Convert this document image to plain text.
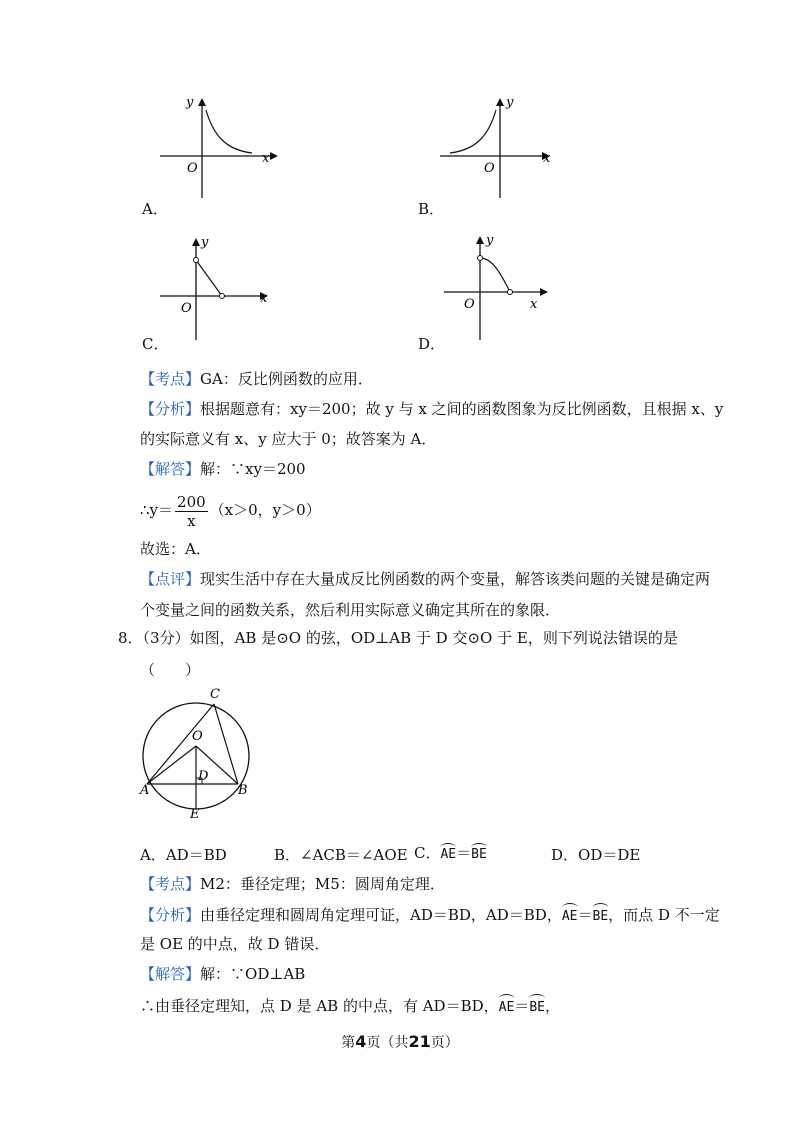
y
x
O
A．
y
x
O
B．
y
x
O
C．
y
x
O
D．
【考点】GA：反比例函数的应用．
【分析】根据题意有：xy＝200；故 y 与 x 之间的函数图象为反比例函数，且根据 x、y
的实际意义有 x、y 应大于 0；故答案为 A．
【解答】解：∵xy＝200
∴y＝ $\frac{200}{x} (x>0$，y＞0）
故选：A．
【点评】现实生活中存在大量成反比例函数的两个变量，解答该类问题的关键是确定两
个变量之间的函数关系，然后利用实际意义确定其所在的象限．
8．（3分）如图，AB 是⊙O 的弦，OD⊥AB 于 D 交⊙O 于 E，则下列说法错误的是
（　　）
C
O
D
A	B
E
A．AD＝BD	B．∠ACB＝∠AOE C．AE＝BE	D．OD＝DE
【考点】M2：垂径定理；M5：圆周角定理．
【分析】由垂径定理和圆周角定理可证，AD＝BD，AD＝BD，AE＝BE，而点 D 不一定
是 OE 的中点，故 D 错误．
【解答】解：∵OD⊥AB
∴由垂径定理知，点 D 是 AB 的中点，有 AD＝BD，AE＝BE，
第4页（共21页）
